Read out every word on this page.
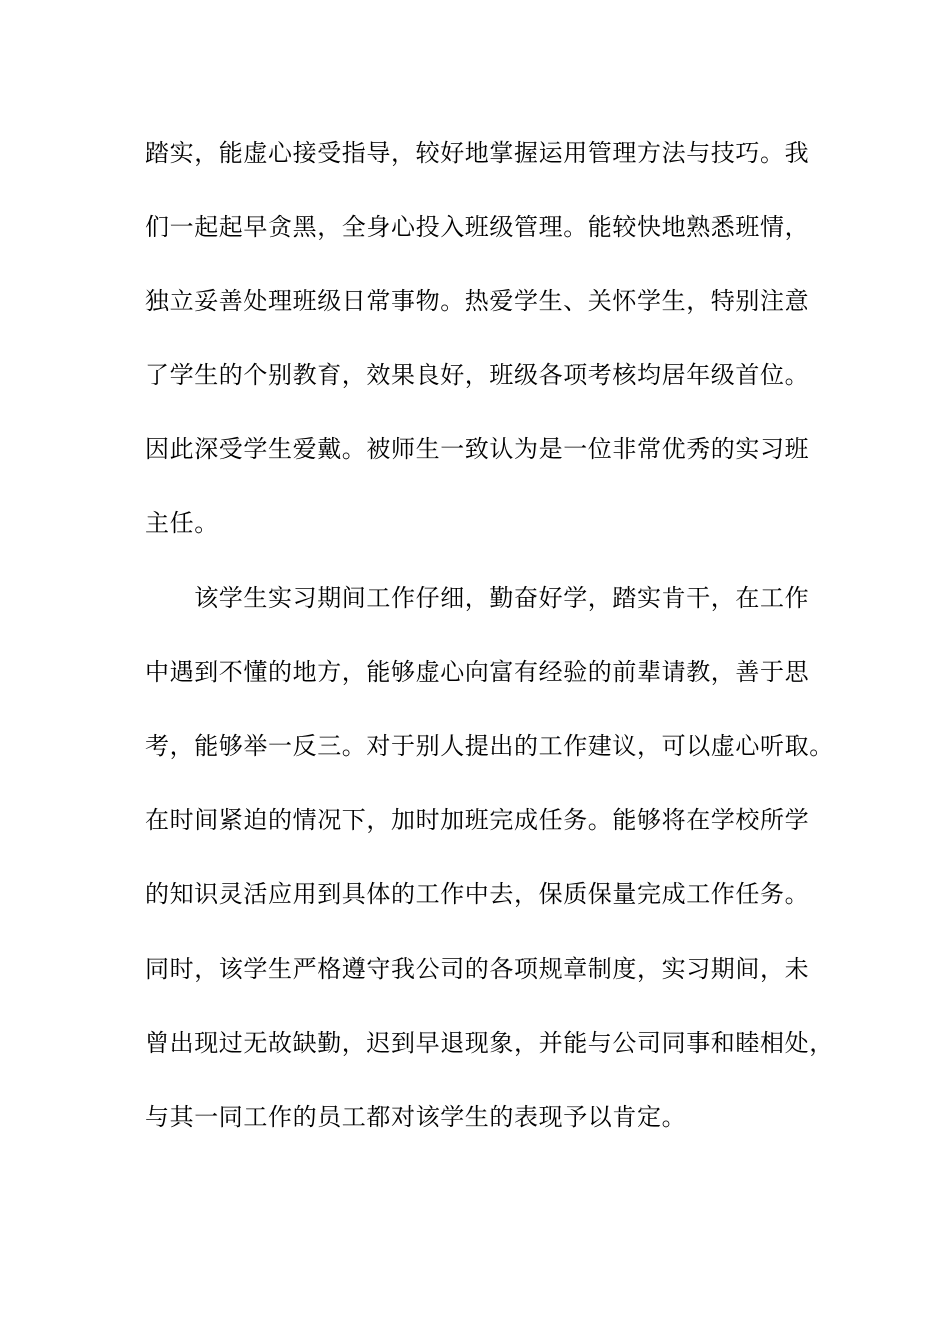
踏实，能虚心接受指导，较好地掌握运用管理方法与技巧。我
们一起起早贪黑，全身心投入班级管理。能较快地熟悉班情，
独立妥善处理班级日常事物。热爱学生、关怀学生，特别注意
了学生的个别教育，效果良好，班级各项考核均居年级首位。
因此深受学生爱戴。被师生一致认为是一位非常优秀的实习班
主任。
　　该学生实习期间工作仔细，勤奋好学，踏实肯干，在工作
中遇到不懂的地方，能够虚心向富有经验的前辈请教，善于思
考，能够举一反三。对于别人提出的工作建议，可以虚心听取。
在时间紧迫的情况下，加时加班完成任务。能够将在学校所学
的知识灵活应用到具体的工作中去，保质保量完成工作任务。
同时，该学生严格遵守我公司的各项规章制度，实习期间，未
曾出现过无故缺勤，迟到早退现象，并能与公司同事和睦相处，
与其一同工作的员工都对该学生的表现予以肯定。
